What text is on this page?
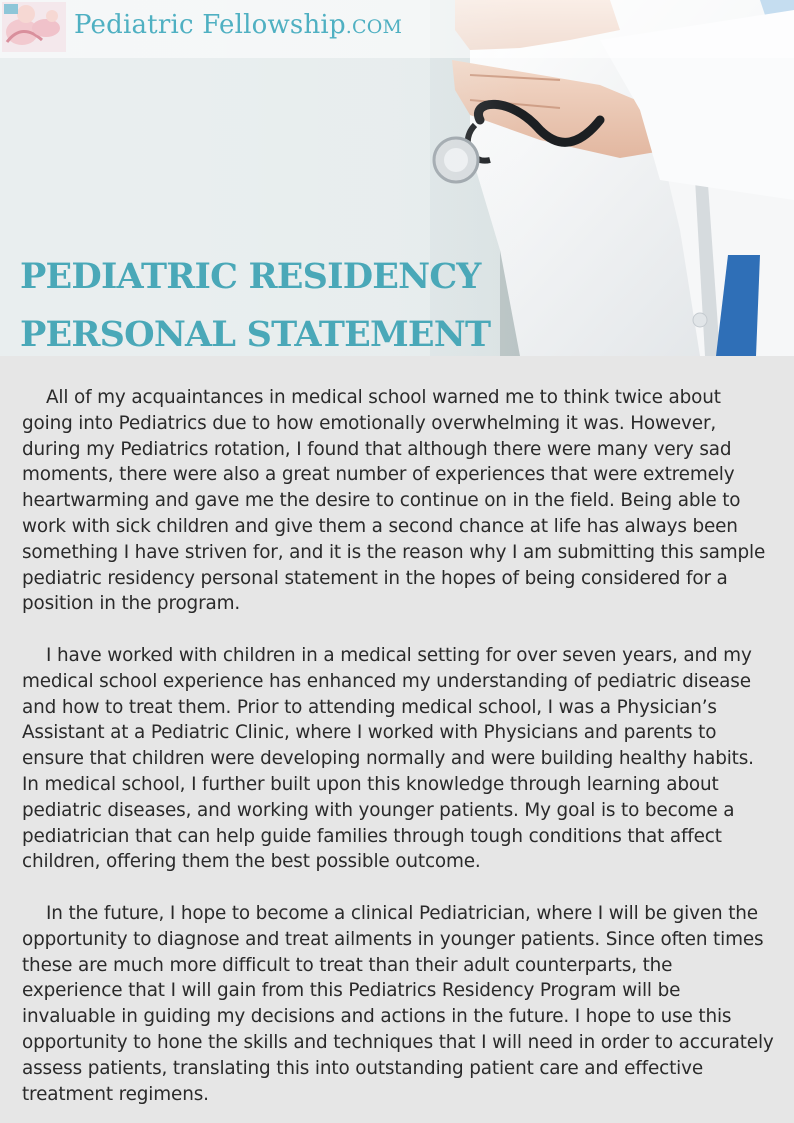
Pediatric Fellowship.COM
PEDIATRIC RESIDENCY
PERSONAL STATEMENT

All of my acquaintances in medical school warned me to think twice about going into Pediatrics due to how emotionally overwhelming it was. However, during my Pediatrics rotation, I found that although there were many very sad moments, there were also a great number of experiences that were extremely heartwarming and gave me the desire to continue on in the field. Being able to work with sick children and give them a second chance at life has always been something I have striven for, and it is the reason why I am submitting this sample pediatric residency personal statement in the hopes of being considered for a position in the program.

I have worked with children in a medical setting for over seven years, and my medical school experience has enhanced my understanding of pediatric disease and how to treat them. Prior to attending medical school, I was a Physician’s Assistant at a Pediatric Clinic, where I worked with Physicians and parents to ensure that children were developing normally and were building healthy habits. In medical school, I further built upon this knowledge through learning about pediatric diseases, and working with younger patients. My goal is to become a pediatrician that can help guide families through tough conditions that affect children, offering them the best possible outcome.

In the future, I hope to become a clinical Pediatrician, where I will be given the opportunity to diagnose and treat ailments in younger patients. Since often times these are much more difficult to treat than their adult counterparts, the experience that I will gain from this Pediatrics Residency Program will be invaluable in guiding my decisions and actions in the future. I hope to use this opportunity to hone the skills and techniques that I will need in order to accurately assess patients, translating this into outstanding patient care and effective treatment regimens.
